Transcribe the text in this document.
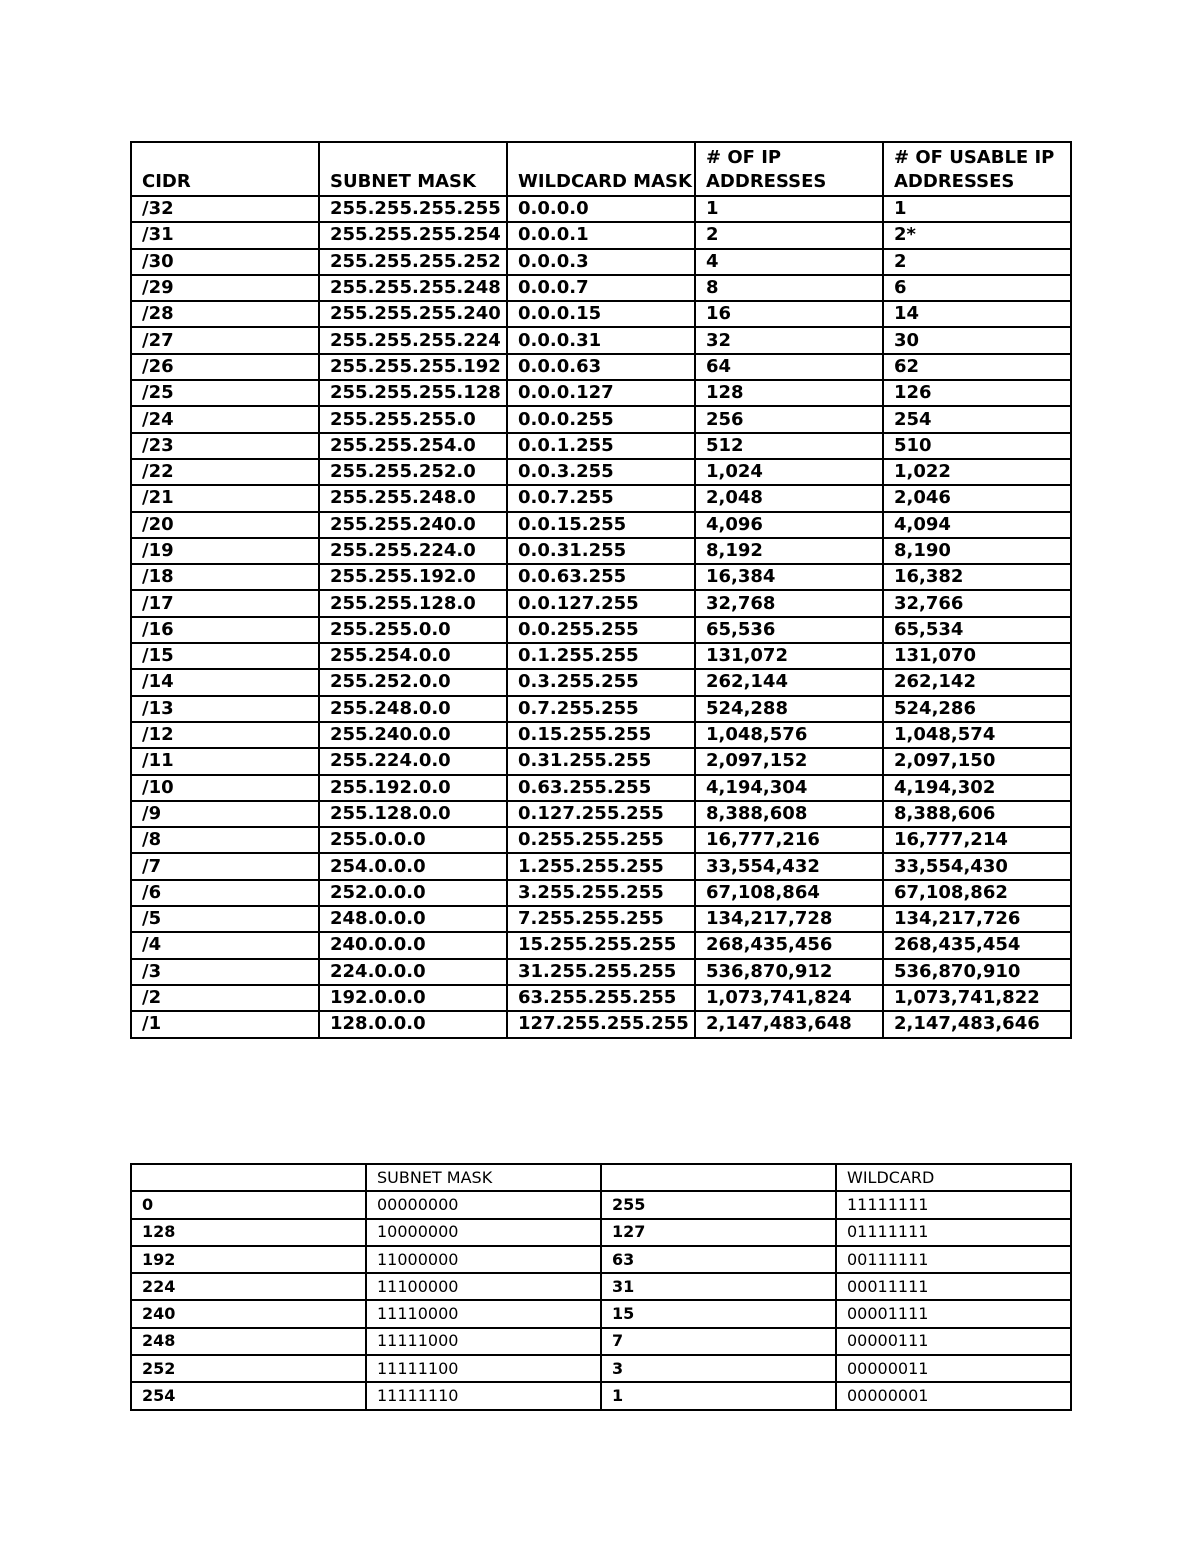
CIDR	SUBNET MASK	WILDCARD MASK	# OF IP ADDRESSES	# OF USABLE IP ADDRESSES
/32	255.255.255.255	0.0.0.0	1	1
/31	255.255.255.254	0.0.0.1	2	2*
/30	255.255.255.252	0.0.0.3	4	2
/29	255.255.255.248	0.0.0.7	8	6
/28	255.255.255.240	0.0.0.15	16	14
/27	255.255.255.224	0.0.0.31	32	30
/26	255.255.255.192	0.0.0.63	64	62
/25	255.255.255.128	0.0.0.127	128	126
/24	255.255.255.0	0.0.0.255	256	254
/23	255.255.254.0	0.0.1.255	512	510
/22	255.255.252.0	0.0.3.255	1,024	1,022
/21	255.255.248.0	0.0.7.255	2,048	2,046
/20	255.255.240.0	0.0.15.255	4,096	4,094
/19	255.255.224.0	0.0.31.255	8,192	8,190
/18	255.255.192.0	0.0.63.255	16,384	16,382
/17	255.255.128.0	0.0.127.255	32,768	32,766
/16	255.255.0.0	0.0.255.255	65,536	65,534
/15	255.254.0.0	0.1.255.255	131,072	131,070
/14	255.252.0.0	0.3.255.255	262,144	262,142
/13	255.248.0.0	0.7.255.255	524,288	524,286
/12	255.240.0.0	0.15.255.255	1,048,576	1,048,574
/11	255.224.0.0	0.31.255.255	2,097,152	2,097,150
/10	255.192.0.0	0.63.255.255	4,194,304	4,194,302
/9	255.128.0.0	0.127.255.255	8,388,608	8,388,606
/8	255.0.0.0	0.255.255.255	16,777,216	16,777,214
/7	254.0.0.0	1.255.255.255	33,554,432	33,554,430
/6	252.0.0.0	3.255.255.255	67,108,864	67,108,862
/5	248.0.0.0	7.255.255.255	134,217,728	134,217,726
/4	240.0.0.0	15.255.255.255	268,435,456	268,435,454
/3	224.0.0.0	31.255.255.255	536,870,912	536,870,910
/2	192.0.0.0	63.255.255.255	1,073,741,824	1,073,741,822
/1	128.0.0.0	127.255.255.255	2,147,483,648	2,147,483,646
	SUBNET MASK		WILDCARD
0	00000000	255	11111111
128	10000000	127	01111111
192	11000000	63	00111111
224	11100000	31	00011111
240	11110000	15	00001111
248	11111000	7	00000111
252	11111100	3	00000011
254	11111110	1	00000001
